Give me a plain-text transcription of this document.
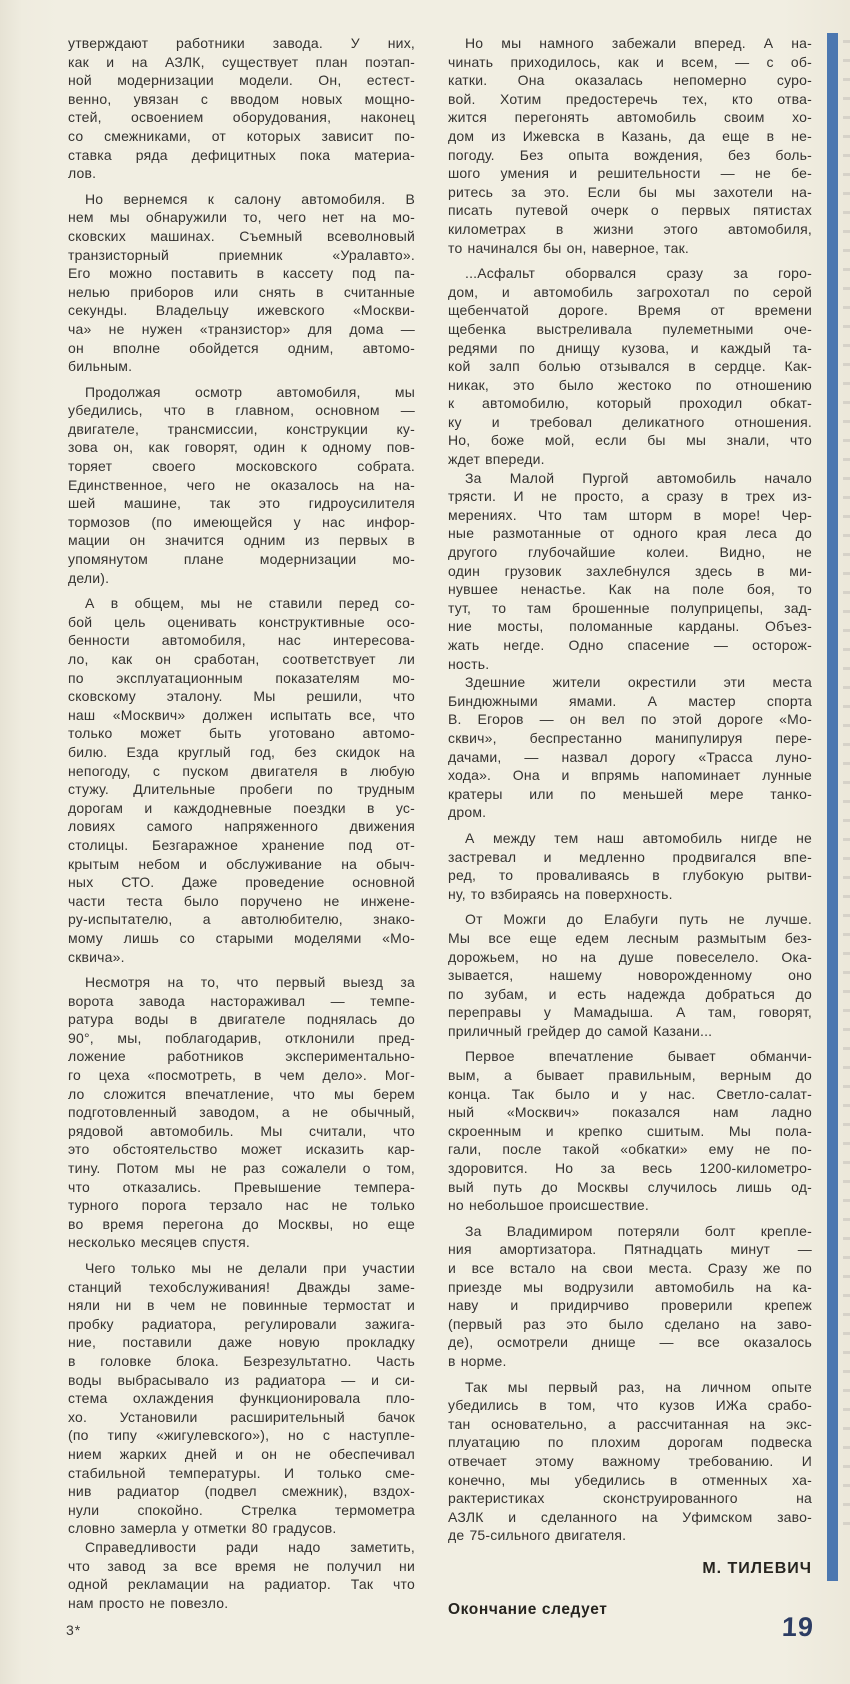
утверждают работники завода. У них,
как и на АЗЛК, существует план поэтап-
ной модернизации модели. Он, естест-
венно, увязан с вводом новых мощно-
стей, освоением оборудования, наконец
со смежниками, от которых зависит по-
ставка ряда дефицитных пока материа-
лов.
Но вернемся к салону автомобиля. В
нем мы обнаружили то, чего нет на мо-
сковских машинах. Съемный всеволновый
транзисторный приемник «Уралавто».
Его можно поставить в кассету под па-
нелью приборов или снять в считанные
секунды. Владельцу ижевского «Москви-
ча» не нужен «транзистор» для дома —
он вполне обойдется одним, автомо-
бильным.
Продолжая осмотр автомобиля, мы
убедились, что в главном, основном —
двигателе, трансмиссии, конструкции ку-
зова он, как говорят, один к одному пов-
торяет своего московского собрата.
Единственное, чего не оказалось на на-
шей машине, так это гидроусилителя
тормозов (по имеющейся у нас инфор-
мации он значится одним из первых в
упомянутом плане модернизации мо-
дели).
А в общем, мы не ставили перед со-
бой цель оценивать конструктивные осо-
бенности автомобиля, нас интересова-
ло, как он сработан, соответствует ли
по эксплуатационным показателям мо-
сковскому эталону. Мы решили, что
наш «Москвич» должен испытать все, что
только может быть уготовано автомо-
билю. Езда круглый год, без скидок на
непогоду, с пуском двигателя в любую
стужу. Длительные пробеги по трудным
дорогам и каждодневные поездки в ус-
ловиях самого напряженного движения
столицы. Безгаражное хранение под от-
крытым небом и обслуживание на обыч-
ных СТО. Даже проведение основной
части теста было поручено не инжене-
ру-испытателю, а автолюбителю, знако-
мому лишь со старыми моделями «Мо-
сквича».
Несмотря на то, что первый выезд за
ворота завода настораживал — темпе-
ратура воды в двигателе поднялась до
90°, мы, поблагодарив, отклонили пред-
ложение работников экспериментально-
го цеха «посмотреть, в чем дело». Мог-
ло сложится впечатление, что мы берем
подготовленный заводом, а не обычный,
рядовой автомобиль. Мы считали, что
это обстоятельство может исказить кар-
тину. Потом мы не раз сожалели о том,
что отказались. Превышение темпера-
турного порога терзало нас не только
во время перегона до Москвы, но еще
несколько месяцев спустя.
Чего только мы не делали при участии
станций техобслуживания! Дважды заме-
няли ни в чем не повинные термостат и
пробку радиатора, регулировали зажига-
ние, поставили даже новую прокладку
в головке блока. Безрезультатно. Часть
воды выбрасывало из радиатора — и си-
стема охлаждения функционировала пло-
хо. Установили расширительный бачок
(по типу «жигулевского»), но с наступле-
нием жарких дней и он не обеспечивал
стабильной температуры. И только сме-
нив радиатор (подвел смежник), вздох-
нули спокойно. Стрелка термометра
словно замерла у отметки 80 градусов.
Справедливости ради надо заметить,
что завод за все время не получил ни
одной рекламации на радиатор. Так что
нам просто не повезло.
Но мы намного забежали вперед. А на-
чинать приходилось, как и всем, — с об-
катки. Она оказалась непомерно суро-
вой. Хотим предостеречь тех, кто отва-
жится перегонять автомобиль своим хо-
дом из Ижевска в Казань, да еще в не-
погоду. Без опыта вождения, без боль-
шого умения и решительности — не бе-
ритесь за это. Если бы мы захотели на-
писать путевой очерк о первых пятистах
километрах в жизни этого автомобиля,
то начинался бы он, наверное, так.
...Асфальт оборвался сразу за горо-
дом, и автомобиль загрохотал по серой
щебенчатой дороге. Время от времени
щебенка выстреливала пулеметными оче-
редями по днищу кузова, и каждый та-
кой залп болью отзывался в сердце. Как-
никак, это было жестоко по отношению
к автомобилю, который проходил обкат-
ку и требовал деликатного отношения.
Но, боже мой, если бы мы знали, что
ждет впереди.
За Малой Пургой автомобиль начало
трясти. И не просто, а сразу в трех из-
мерениях. Что там шторм в море! Чер-
ные размотанные от одного края леса до
другого глубочайшие колеи. Видно, не
один грузовик захлебнулся здесь в ми-
нувшее ненастье. Как на поле боя, то
тут, то там брошенные полуприцепы, зад-
ние мосты, поломанные карданы. Объез-
жать негде. Одно спасение — осторож-
ность.
Здешние жители окрестили эти места
Биндюжными ямами. А мастер спорта
В. Егоров — он вел по этой дороге «Мо-
сквич», беспрестанно манипулируя пере-
дачами, — назвал дорогу «Трасса луно-
хода». Она и впрямь напоминает лунные
кратеры или по меньшей мере танко-
дром.
А между тем наш автомобиль нигде не
застревал и медленно продвигался впе-
ред, то проваливаясь в глубокую рытви-
ну, то взбираясь на поверхность.
От Можги до Елабуги путь не лучше.
Мы все еще едем лесным размытым без-
дорожьем, но на душе повеселело. Ока-
зывается, нашему новорожденному оно
по зубам, и есть надежда добраться до
переправы у Мамадыша. А там, говорят,
приличный грейдер до самой Казани...
Первое впечатление бывает обманчи-
вым, а бывает правильным, верным до
конца. Так было и у нас. Светло-салат-
ный «Москвич» показался нам ладно
скроенным и крепко сшитым. Мы пола-
гали, после такой «обкатки» ему не по-
здоровится. Но за весь 1200-километро-
вый путь до Москвы случилось лишь од-
но небольшое происшествие.
За Владимиром потеряли болт крепле-
ния амортизатора. Пятнадцать минут —
и все встало на свои места. Сразу же по
приезде мы водрузили автомобиль на ка-
наву и придирчиво проверили крепеж
(первый раз это было сделано на заво-
де), осмотрели днище — все оказалось
в норме.
Так мы первый раз, на личном опыте
убедились в том, что кузов ИЖа срабо-
тан основательно, а рассчитанная на экс-
плуатацию по плохим дорогам подвеска
отвечает этому важному требованию. И
конечно, мы убедились в отменных ха-
рактеристиках сконструированного на
АЗЛК и сделанного на Уфимском заво-
де 75-сильного двигателя.
М. ТИЛЕВИЧ
Окончание следует
19
3*
